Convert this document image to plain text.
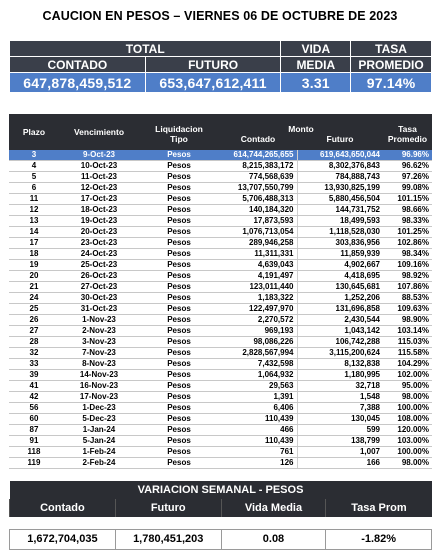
CAUCION EN PESOS – VIERNES 06 DE OCTUBRE DE 2023
TOTAL		VIDA	TASA
CONTADO	FUTURO	MEDIA	PROMEDIO
647,878,459,512	653,647,612,411	3.31	97.14%
Plazo	Vencimiento	Liquidacion	Monto		Tasa
		Tipo	Contado	Futuro	Promedio
3	9-Oct-23	Pesos	614,744,265,655	619,643,650,044	96.96%
4	10-Oct-23	Pesos	8,215,383,172	8,302,376,843	96.62%
5	11-Oct-23	Pesos	774,568,639	784,888,743	97.26%
6	12-Oct-23	Pesos	13,707,550,799	13,930,825,199	99.08%
11	17-Oct-23	Pesos	5,706,488,313	5,880,456,504	101.15%
12	18-Oct-23	Pesos	140,184,320	144,731,752	98.66%
13	19-Oct-23	Pesos	17,873,593	18,499,593	98.33%
14	20-Oct-23	Pesos	1,076,713,054	1,118,528,030	101.25%
17	23-Oct-23	Pesos	289,946,258	303,836,956	102.86%
18	24-Oct-23	Pesos	11,311,331	11,859,939	98.34%
19	25-Oct-23	Pesos	4,639,043	4,902,667	109.16%
20	26-Oct-23	Pesos	4,191,497	4,418,695	98.92%
21	27-Oct-23	Pesos	123,011,440	130,645,681	107.86%
24	30-Oct-23	Pesos	1,183,322	1,252,206	88.53%
25	31-Oct-23	Pesos	122,497,970	131,696,858	109.63%
26	1-Nov-23	Pesos	2,270,572	2,430,544	98.90%
27	2-Nov-23	Pesos	969,193	1,043,142	103.14%
28	3-Nov-23	Pesos	98,086,226	106,742,288	115.03%
32	7-Nov-23	Pesos	2,828,567,994	3,115,200,624	115.58%
33	8-Nov-23	Pesos	7,432,598	8,132,838	104.29%
39	14-Nov-23	Pesos	1,064,932	1,180,995	102.00%
41	16-Nov-23	Pesos	29,563	32,718	95.00%
42	17-Nov-23	Pesos	1,391	1,548	98.00%
56	1-Dec-23	Pesos	6,406	7,388	100.00%
60	5-Dec-23	Pesos	110,439	130,045	108.00%
87	1-Jan-24	Pesos	466	599	120.00%
91	5-Jan-24	Pesos	110,439	138,799	103.00%
118	1-Feb-24	Pesos	761	1,007	100.00%
119	2-Feb-24	Pesos	126	166	98.00%
VARIACION SEMANAL - PESOS			
Contado	Futuro	Vida Media	Tasa Prom

1,672,704,035	1,780,451,203	0.08	-1.82%
